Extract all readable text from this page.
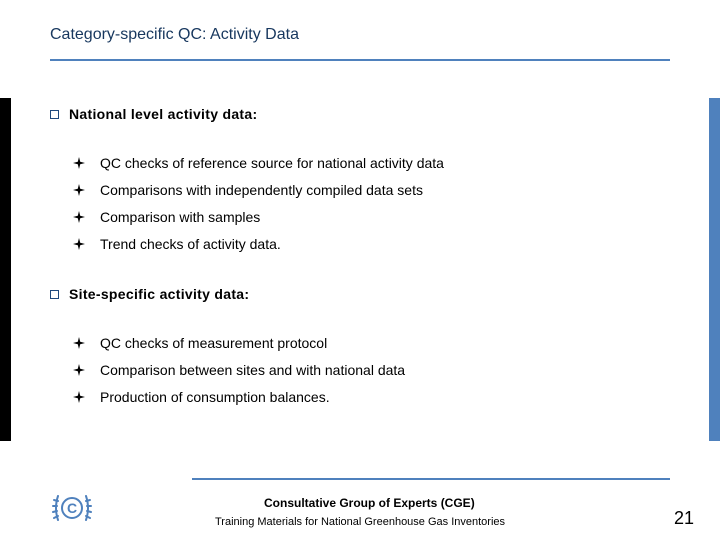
Category-specific QC: Activity Data
National level activity data:
QC checks of reference source for national activity data
Comparisons with independently compiled data sets
Comparison with samples
Trend checks of activity data.
Site-specific activity data:
QC checks of measurement protocol
Comparison between sites and with national data
Production of consumption balances.
C	Consultative Group of Experts (CGE)
Training Materials for National Greenhouse Gas Inventories	21
